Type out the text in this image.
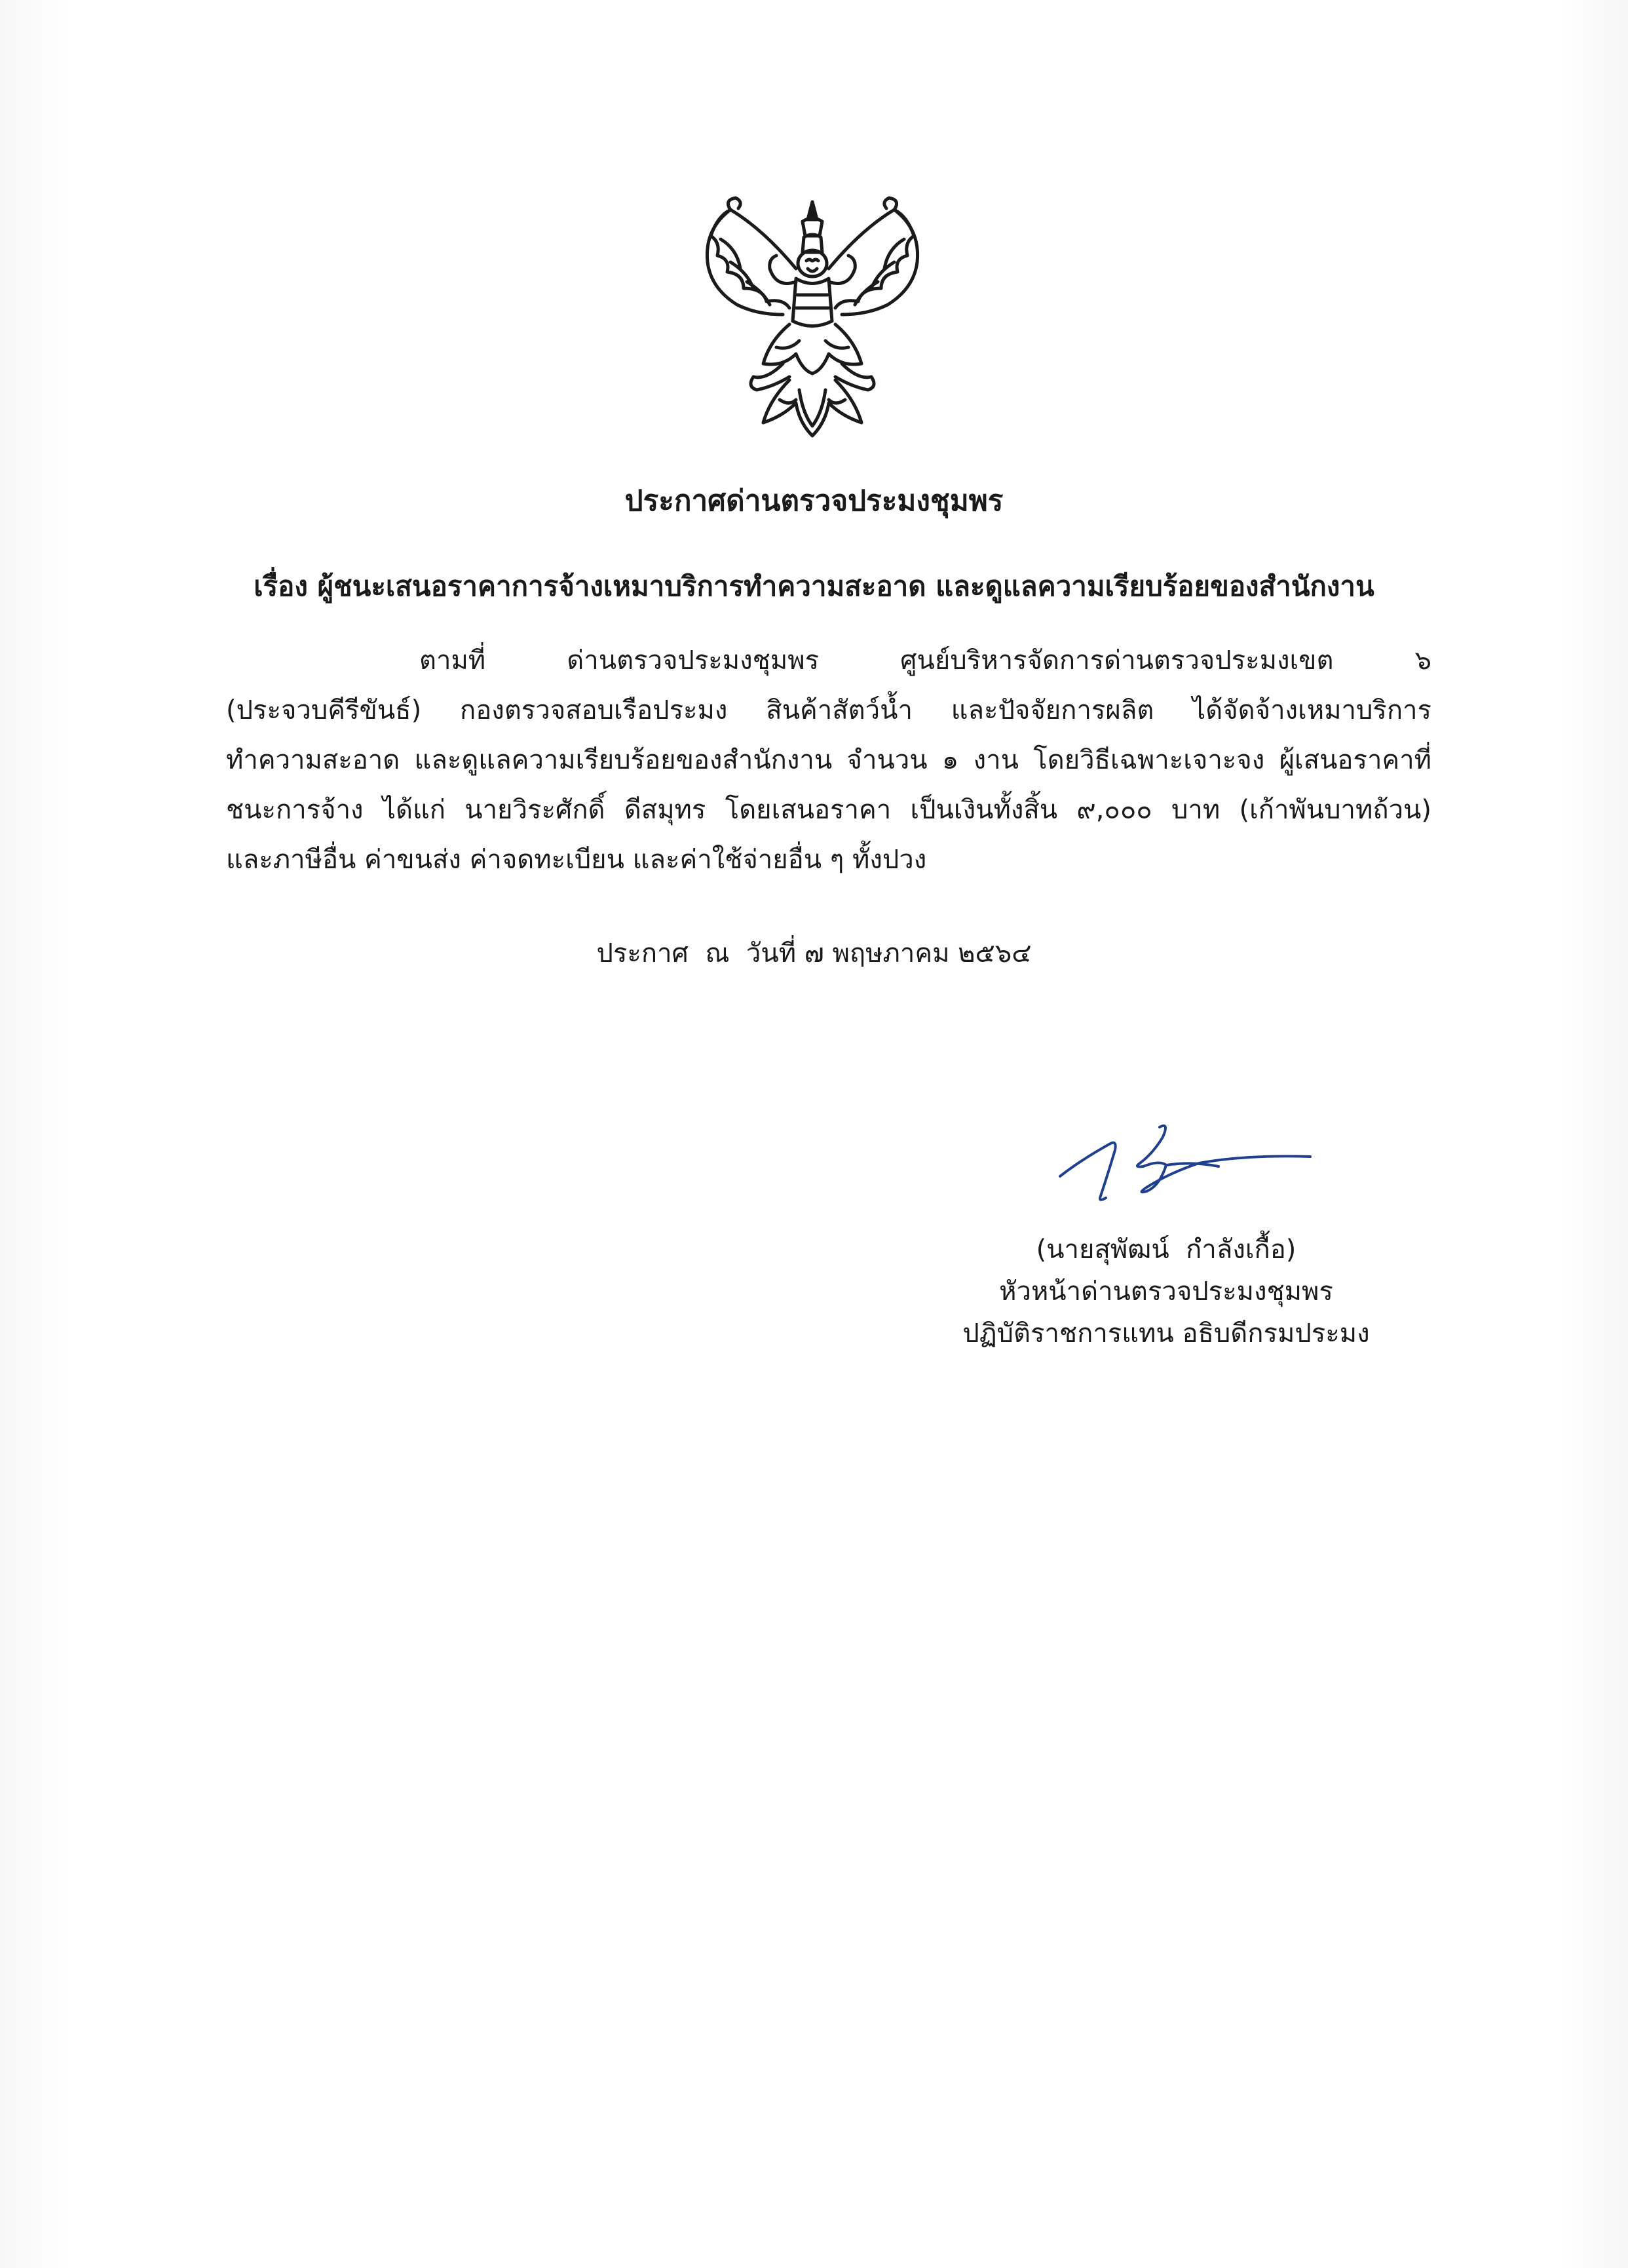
ประกาศด่านตรวจประมงชุมพร
เรื่อง ผู้ชนะเสนอราคาการจ้างเหมาบริการทำความสะอาด และดูแลความเรียบร้อยของสำนักงาน
ตามที่ ด่านตรวจประมงชุมพร ศูนย์บริหารจัดการด่านตรวจประมงเขต ๖
(ประจวบคีรีขันธ์) กองตรวจสอบเรือประมง สินค้าสัตว์น้ำ และปัจจัยการผลิต ได้จัดจ้างเหมาบริการ
ทำความสะอาด และดูแลความเรียบร้อยของสำนักงาน จำนวน ๑ งาน โดยวิธีเฉพาะเจาะจง ผู้เสนอราคาที่
ชนะการจ้าง ได้แก่ นายวิระศักดิ์ ดีสมุทร โดยเสนอราคา เป็นเงินทั้งสิ้น ๙,๐๐๐ บาท (เก้าพันบาทถ้วน)
และภาษีอื่น ค่าขนส่ง ค่าจดทะเบียน และค่าใช้จ่ายอื่น ๆ ทั้งปวง
ประกาศ  ณ  วันที่ ๗ พฤษภาคม ๒๕๖๔
(นายสุพัฒน์  กำลังเกื้อ)
หัวหน้าด่านตรวจประมงชุมพร
ปฏิบัติราชการแทน อธิบดีกรมประมง
